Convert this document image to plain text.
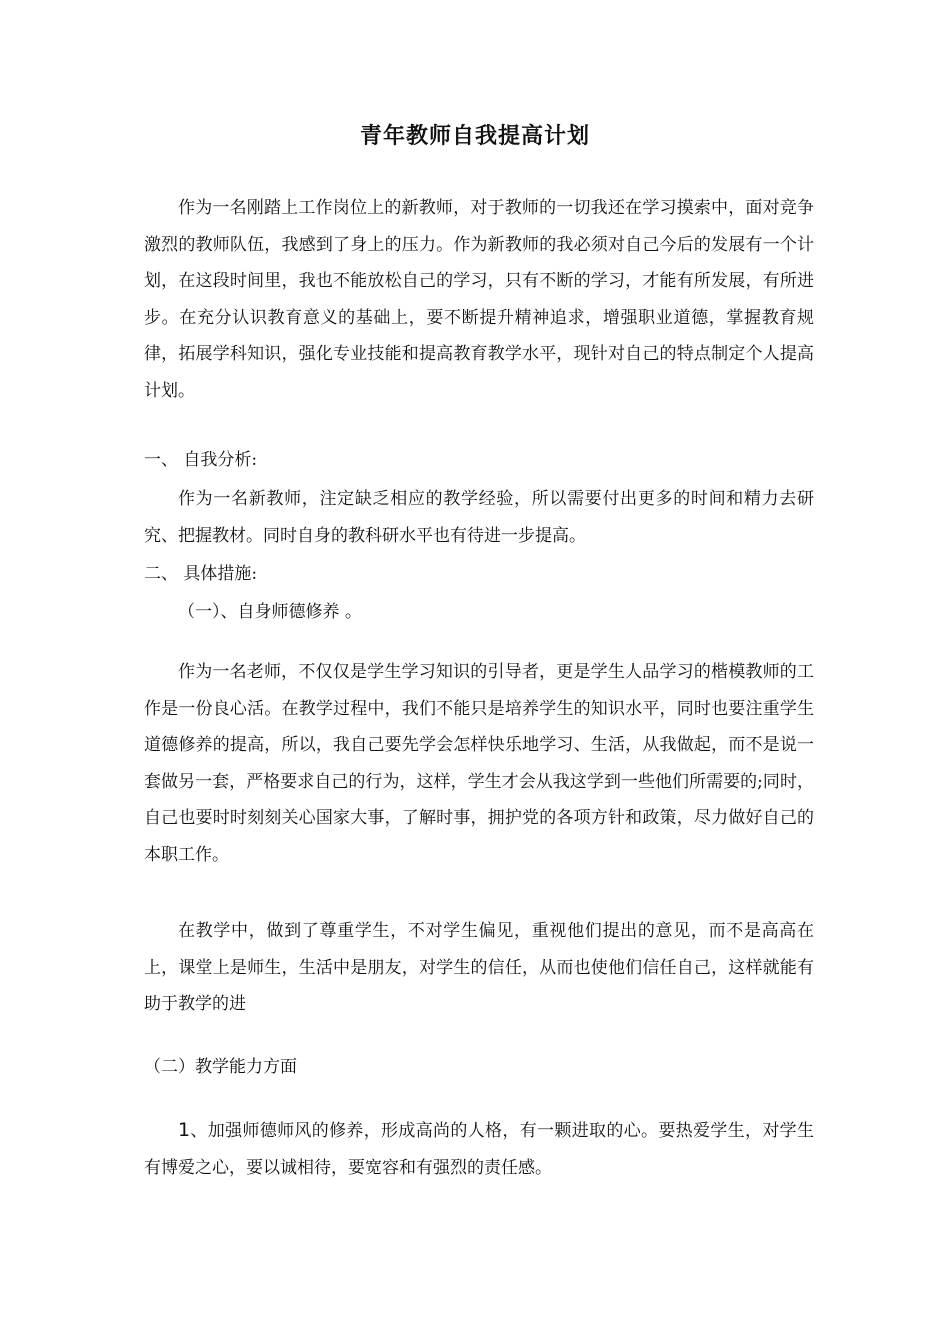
青年教师自我提高计划

作为一名刚踏上工作岗位上的新教师，对于教师的一切我还在学习摸索中，面对竞争激烈的教师队伍，我感到了身上的压力。作为新教师的我必须对自己今后的发展有一个计划，在这段时间里，我也不能放松自己的学习，只有不断的学习，才能有所发展，有所进步。在充分认识教育意义的基础上，要不断提升精神追求，增强职业道德，掌握教育规律，拓展学科知识，强化专业技能和提高教育教学水平，现针对自己的特点制定个人提高计划。

一、 自我分析:

作为一名新教师，注定缺乏相应的教学经验，所以需要付出更多的时间和精力去研究、把握教材。同时自身的教科研水平也有待进一步提高。

二、 具体措施:

（一）、自身师德修养 。

作为一名老师，不仅仅是学生学习知识的引导者，更是学生人品学习的楷模教师的工作是一份良心活。在教学过程中，我们不能只是培养学生的知识水平，同时也要注重学生道德修养的提高，所以，我自己要先学会怎样快乐地学习、生活，从我做起，而不是说一套做另一套，严格要求自己的行为，这样，学生才会从我这学到一些他们所需要的;同时，自己也要时时刻刻关心国家大事，了解时事，拥护党的各项方针和政策，尽力做好自己的本职工作。

在教学中，做到了尊重学生，不对学生偏见，重视他们提出的意见，而不是高高在上，课堂上是师生，生活中是朋友，对学生的信任，从而也使他们信任自己，这样就能有助于教学的进

（二）教学能力方面

1、加强师德师风的修养，形成高尚的人格，有一颗进取的心。要热爱学生，对学生有博爱之心，要以诚相待，要宽容和有强烈的责任感。
